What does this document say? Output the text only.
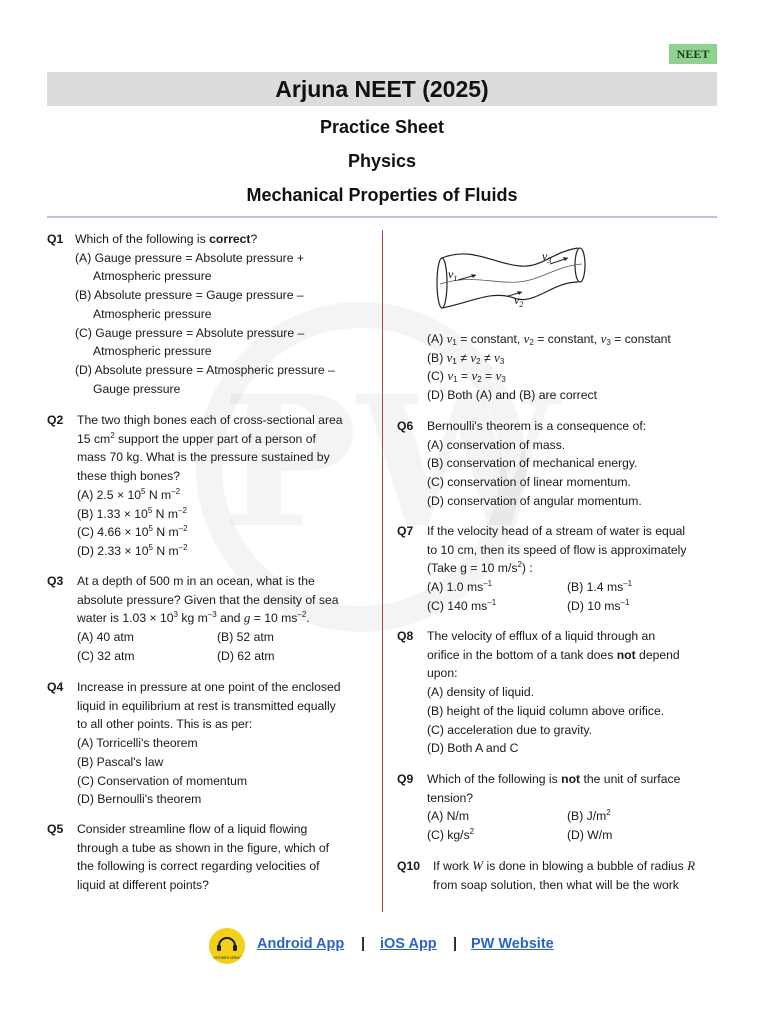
NEET
Arjuna NEET (2025)
Practice Sheet
Physics
Mechanical Properties of Fluids
Q1 Which of the following is correct?
(A) Gauge pressure = Absolute pressure +
Atmospheric pressure
(B) Absolute pressure = Gauge pressure –
Atmospheric pressure
(C) Gauge pressure = Absolute pressure –
Atmospheric pressure
(D) Absolute pressure = Atmospheric pressure –
Gauge pressure
Q2 The two thigh bones each of cross-sectional area
15 $cm^2$ support the upper part of a person of
mass 70 kg. What is the pressure sustained by
these thigh bones?
(A) $2.5 \times 10^5$ N $m^{-2}$
(B) $1.33 \times 10^5$ N $m^{-2}$
(C) $4.66 \times 10^5$ N $m^{-2}$
(D) $2.33 \times 10^5$ N $m^{-2}$
Q3 At a depth of 500 m in an ocean, what is the
absolute pressure? Given that the density of sea
water is $1.03 \times 10^3$ kg $m^{-3}$ and g = 10 $ms^{-2}$.
(A) 40 atm	(B) 52 atm
(C) 32 atm	(D) 62 atm
Q4 Increase in pressure at one point of the enclosed
liquid in equilibrium at rest is transmitted equally
to all other points. This is as per:
(A) Torricelli's theorem
(B) Pascal's law
(C) Conservation of momentum
(D) Bernoulli's theorem
Q5 Consider streamline flow of a liquid flowing
through a tube as shown in the figure, which of
the following is correct regarding velocities of
liquid at different points?
$v_1$
$v_2$
$v_3$
(A) $v_1$ = constant, $v_2$ = constant, $v_3$ = constant
(B) $v_1 \ne v_2 \ne v_3$
(C) $v_1 = v_2 = v_3$
(D) Both (A) and (B) are correct
Q6 Bernoulli's theorem is a consequence of:
(A) conservation of mass.
(B) conservation of mechanical energy.
(C) conservation of linear momentum.
(D) conservation of angular momentum.
Q7 If the velocity head of a stream of water is equal
to 10 cm, then its speed of flow is approximately
(Take g = 10 $m/s^2$) :
(A) 1.0 $ms^{-1}$	(B) 1.4 $ms^{-1}$
(C) 140 $ms^{-1}$	(D) 10 $ms^{-1}$
Q8 The velocity of efflux of a liquid through an
orifice in the bottom of a tank does not depend
upon:
(A) density of liquid.
(B) height of the liquid column above orifice.
(C) acceleration due to gravity.
(D) Both A and C
Q9 Which of the following is not the unit of surface
tension?
(A) N/m	(B) $J/m^2$
(C) $kg/s^2$	(D) W/m
Q10 If work W is done in blowing a bubble of radius R
from soap solution, then what will be the work
CUSTOMER SERVICE
Android App | iOS App | PW Website
